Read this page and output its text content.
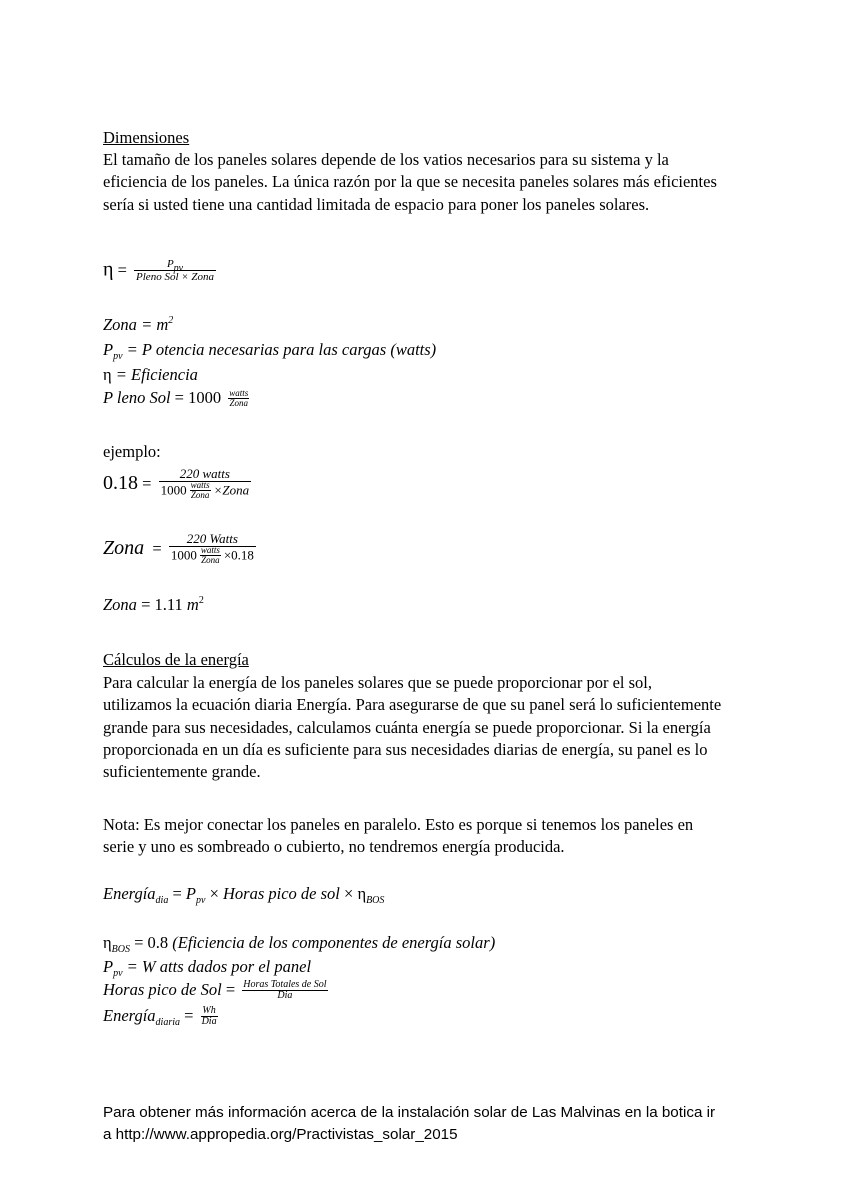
Dimensiones

El tamaño de los paneles solares depende de los vatios necesarios para su sistema y la

eficiencia de los paneles. La única razón por la que se necesita paneles solares más eficientes

sería si usted tiene una cantidad limitada de espacio para poner los paneles solares.

$\eta = \frac{P_{pv}}{\text{Pleno Sol × Zona}}$
Zona = $m^2$
$P_{pv} = P$ otencia necesarias para las cargas (watts)
η = Eficiencia
P leno Sol = $1000 \frac{\text{watts}}{\text{Zona}}$
ejemplo:
$0.18 = \frac{\text{220 watts}}{1000 \frac{\text{watts}}{\text{Zona}} \times Zona}$
Zona = $\frac{\text{220 Watts}}{1000 \frac{\text{watts}}{\text{Zona}} \times 0.18}$
Zona = 1.11 $m^2$
Cálculos de la energía

Para calcular la energía de los paneles solares que se puede proporcionar por el sol,

utilizamos la ecuación diaria Energía. Para asegurarse de que su panel será lo suficientemente

grande para sus necesidades, calculamos cuánta energía se puede proporcionar. Si la energía

proporcionada en un día es suficiente para sus necesidades diarias de energía, su panel es lo

suficientemente grande.

Nota: Es mejor conectar los paneles en paralelo. Esto es porque si tenemos los paneles en

serie y uno es sombreado o cubierto, no tendremos energía producida.

Energía$_{dia}$ = $P_{pv}$ × Horas pico de sol × $\eta_{BOS}$
$\eta_{BOS} = 0.8$ (Eficiencia de los componentes de energía solar)
$P_{pv} = W$ atts dados por el panel
Horas pico de Sol = $\frac{\text{Horas Totales de Sol}}{\text{Dia}}$
Energía$_{diaria}$ = $\frac{Wh}{\text{Dia}}$

Para obtener más información acerca de la instalación solar de Las Malvinas en la botica ir

a http://www.appropedia.org/Practivistas_solar_2015
